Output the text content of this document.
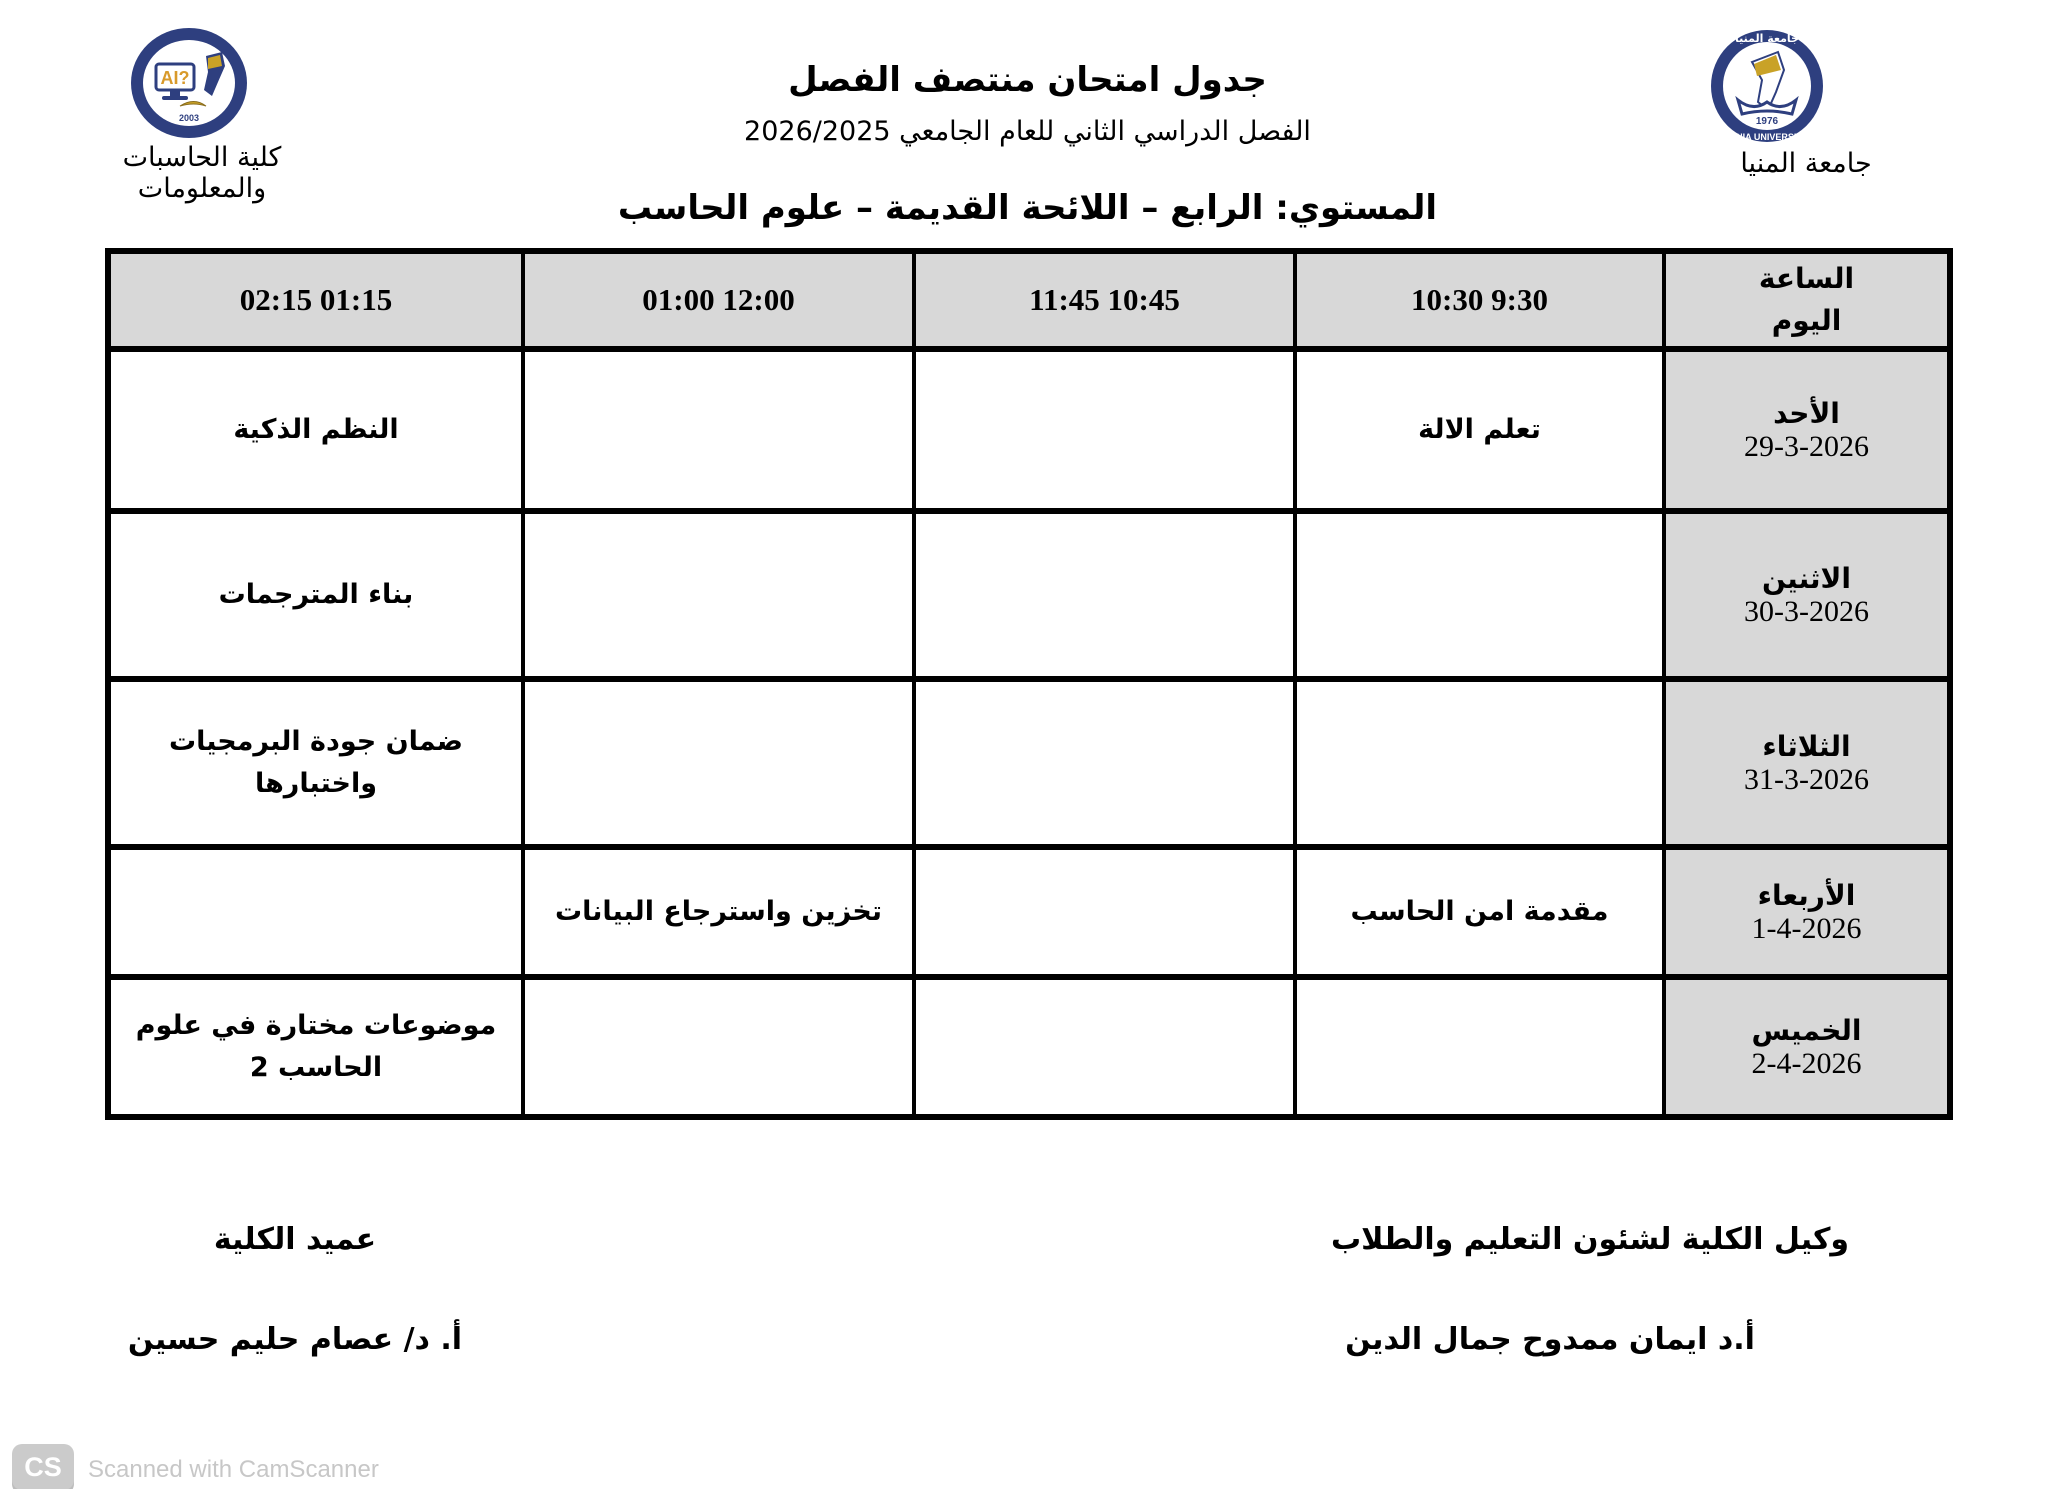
AI?
2003
كلية الحاسبات والمعلومات
جامعة المنيا
MINIA UNIVERSITY
1976
جامعة المنيا
جدول امتحان منتصف الفصل
الفصل الدراسي الثاني للعام الجامعي 2026/2025
المستوي: الرابع – اللائحة القديمة – علوم الحاسب
الساعة
اليوم	10:30 9:30	11:45 10:45	01:00 12:00	02:15 01:15

الأحد
29-3-2026	تعلم الالة			النظم الذكية

الاثنين
30-3-2026				بناء المترجمات

الثلاثاء
31-3-2026				ضمان جودة البرمجيات واختبارها

الأربعاء
1-4-2026	مقدمة امن الحاسب		تخزين واسترجاع البيانات	

الخميس
2-4-2026				موضوعات مختارة في علوم الحاسب 2
وكيل الكلية لشئون التعليم والطلاب
أ.د ايمان ممدوح جمال الدين
عميد الكلية
أ. د/ عصام حليم حسين
CS	Scanned with CamScanner
